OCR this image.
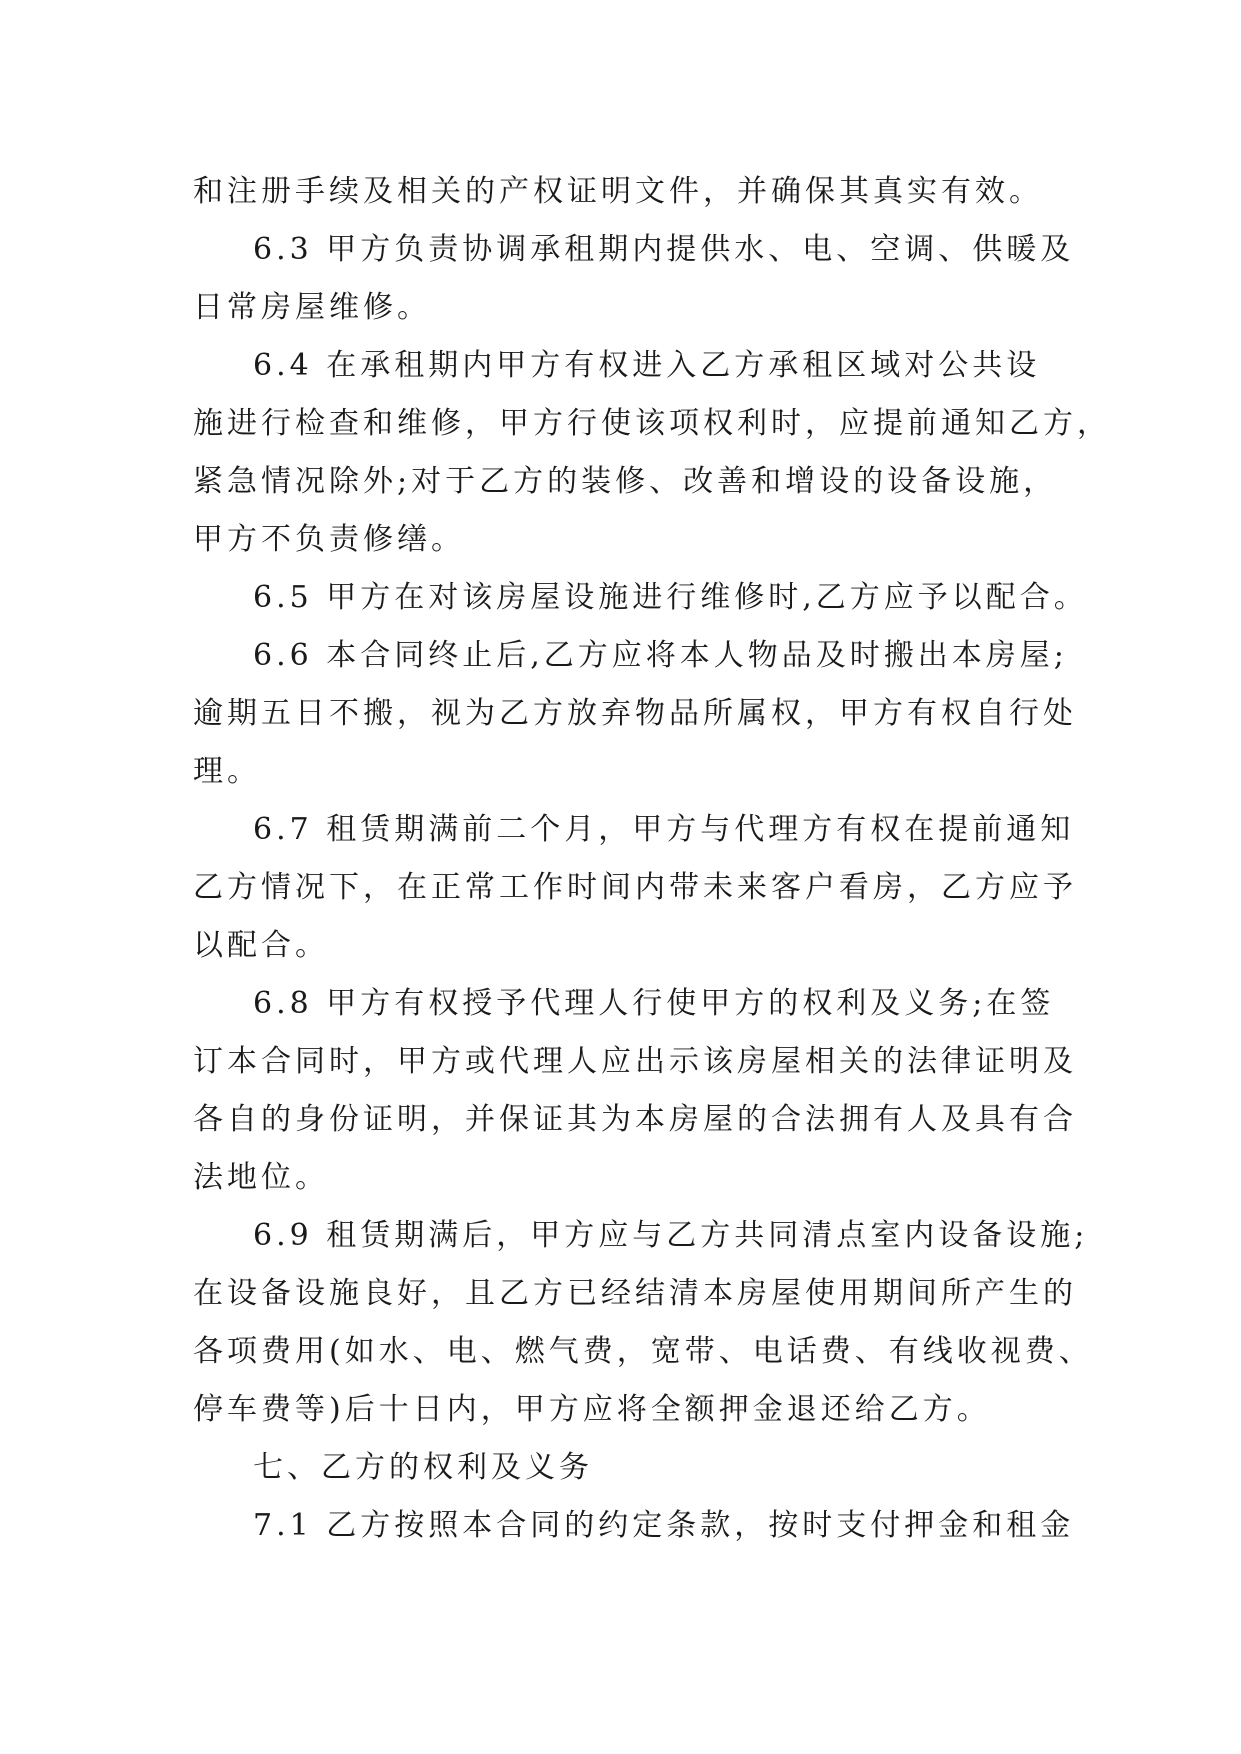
和注册手续及相关的产权证明文件，并确保其真实有效。
6.3 甲方负责协调承租期内提供水、电、空调、供暖及
日常房屋维修。
6.4 在承租期内甲方有权进入乙方承租区域对公共设
施进行检查和维修，甲方行使该项权利时，应提前通知乙方，
紧急情况除外;对于乙方的装修、改善和增设的设备设施，
甲方不负责修缮。
6.5 甲方在对该房屋设施进行维修时,乙方应予以配合。
6.6 本合同终止后,乙方应将本人物品及时搬出本房屋;
逾期五日不搬，视为乙方放弃物品所属权，甲方有权自行处
理。
6.7 租赁期满前二个月，甲方与代理方有权在提前通知
乙方情况下，在正常工作时间内带未来客户看房，乙方应予
以配合。
6.8 甲方有权授予代理人行使甲方的权利及义务;在签
订本合同时，甲方或代理人应出示该房屋相关的法律证明及
各自的身份证明，并保证其为本房屋的合法拥有人及具有合
法地位。
6.9 租赁期满后，甲方应与乙方共同清点室内设备设施;
在设备设施良好，且乙方已经结清本房屋使用期间所产生的
各项费用(如水、电、燃气费，宽带、电话费、有线收视费、
停车费等)后十日内，甲方应将全额押金退还给乙方。
七、乙方的权利及义务
7.1 乙方按照本合同的约定条款，按时支付押金和租金
